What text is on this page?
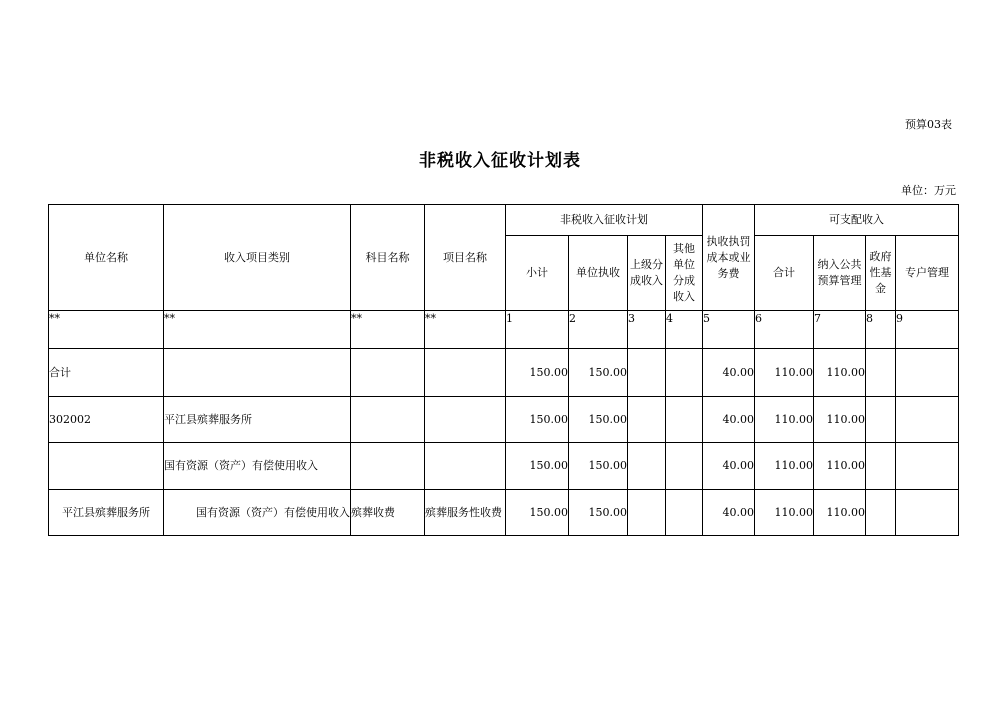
预算03表
非税收入征收计划表
单位：万元
单位名称	收入项目类别	科目名称	项目名称	非税收入征收计划				执收执罚成本或业务费	可支配收入			
				小计	单位执收	上级分成收入	其他单位分成收入		合计	纳入公共预算管理	政府性基金	专户管理
**	**	**	**	1	2	3	4	5	6	7	8	9
合计				150.00	150.00			40.00	110.00	110.00		
302002	平江县殡葬服务所			150.00	150.00			40.00	110.00	110.00		
	国有资源（资产）有偿使用收入			150.00	150.00			40.00	110.00	110.00		
平江县殡葬服务所	国有资源（资产）有偿使用收入	殡葬收费	殡葬服务性收费	150.00	150.00			40.00	110.00	110.00		
